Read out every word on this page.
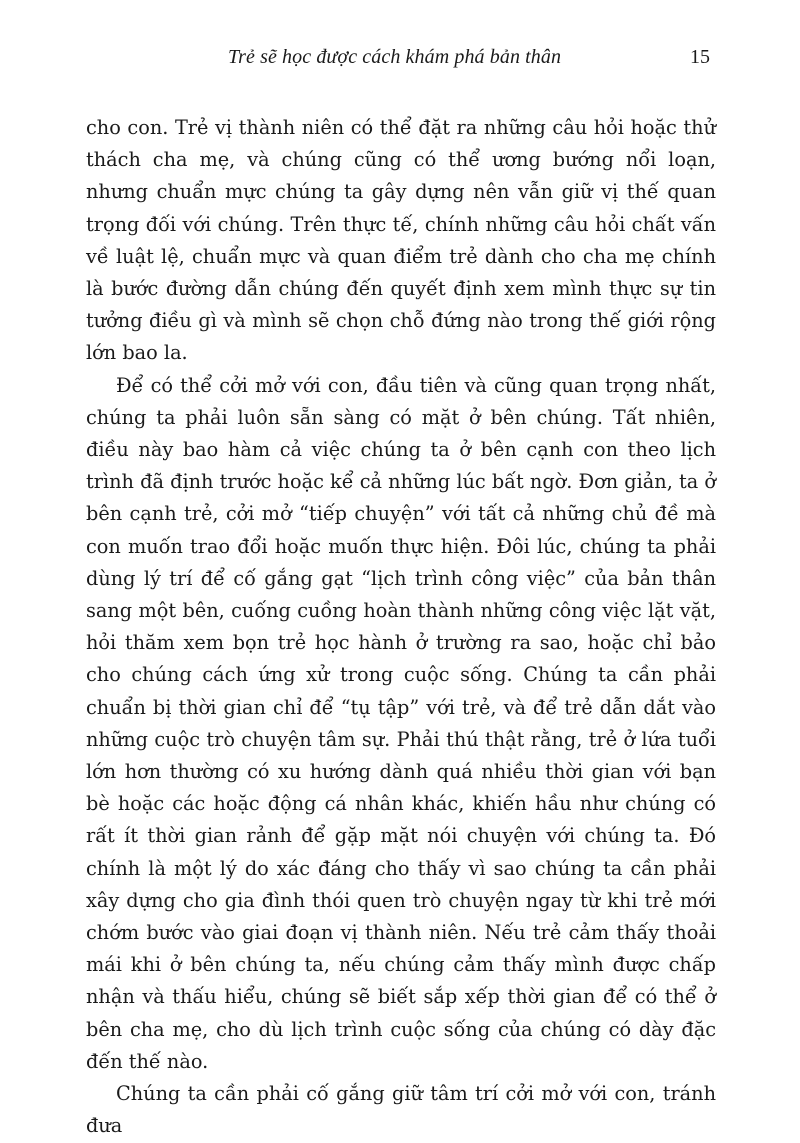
Trẻ sẽ học được cách khám phá bản thân	15

cho con. Trẻ vị thành niên có thể đặt ra những câu hỏi hoặc thử thách cha mẹ, và chúng cũng có thể ương bướng nổi loạn, nhưng chuẩn mực chúng ta gây dựng nên vẫn giữ vị thế quan trọng đối với chúng. Trên thực tế, chính những câu hỏi chất vấn về luật lệ, chuẩn mực và quan điểm trẻ dành cho cha mẹ chính là bước đường dẫn chúng đến quyết định xem mình thực sự tin tưởng điều gì và mình sẽ chọn chỗ đứng nào trong thế giới rộng lớn bao la.

Để có thể cởi mở với con, đầu tiên và cũng quan trọng nhất, chúng ta phải luôn sẵn sàng có mặt ở bên chúng. Tất nhiên, điều này bao hàm cả việc chúng ta ở bên cạnh con theo lịch trình đã định trước hoặc kể cả những lúc bất ngờ. Đơn giản, ta ở bên cạnh trẻ, cởi mở “tiếp chuyện” với tất cả những chủ đề mà con muốn trao đổi hoặc muốn thực hiện. Đôi lúc, chúng ta phải dùng lý trí để cố gắng gạt “lịch trình công việc” của bản thân sang một bên, cuống cuồng hoàn thành những công việc lặt vặt, hỏi thăm xem bọn trẻ học hành ở trường ra sao, hoặc chỉ bảo cho chúng cách ứng xử trong cuộc sống. Chúng ta cần phải chuẩn bị thời gian chỉ để “tụ tập” với trẻ, và để trẻ dẫn dắt vào những cuộc trò chuyện tâm sự. Phải thú thật rằng, trẻ ở lứa tuổi lớn hơn thường có xu hướng dành quá nhiều thời gian với bạn bè hoặc các hoặc động cá nhân khác, khiến hầu như chúng có rất ít thời gian rảnh để gặp mặt nói chuyện với chúng ta. Đó chính là một lý do xác đáng cho thấy vì sao chúng ta cần phải xây dựng cho gia đình thói quen trò chuyện ngay từ khi trẻ mới chớm bước vào giai đoạn vị thành niên. Nếu trẻ cảm thấy thoải mái khi ở bên chúng ta, nếu chúng cảm thấy mình được chấp nhận và thấu hiểu, chúng sẽ biết sắp xếp thời gian để có thể ở bên cha mẹ, cho dù lịch trình cuộc sống của chúng có dày đặc đến thế nào.

Chúng ta cần phải cố gắng giữ tâm trí cởi mở với con, tránh đưa
